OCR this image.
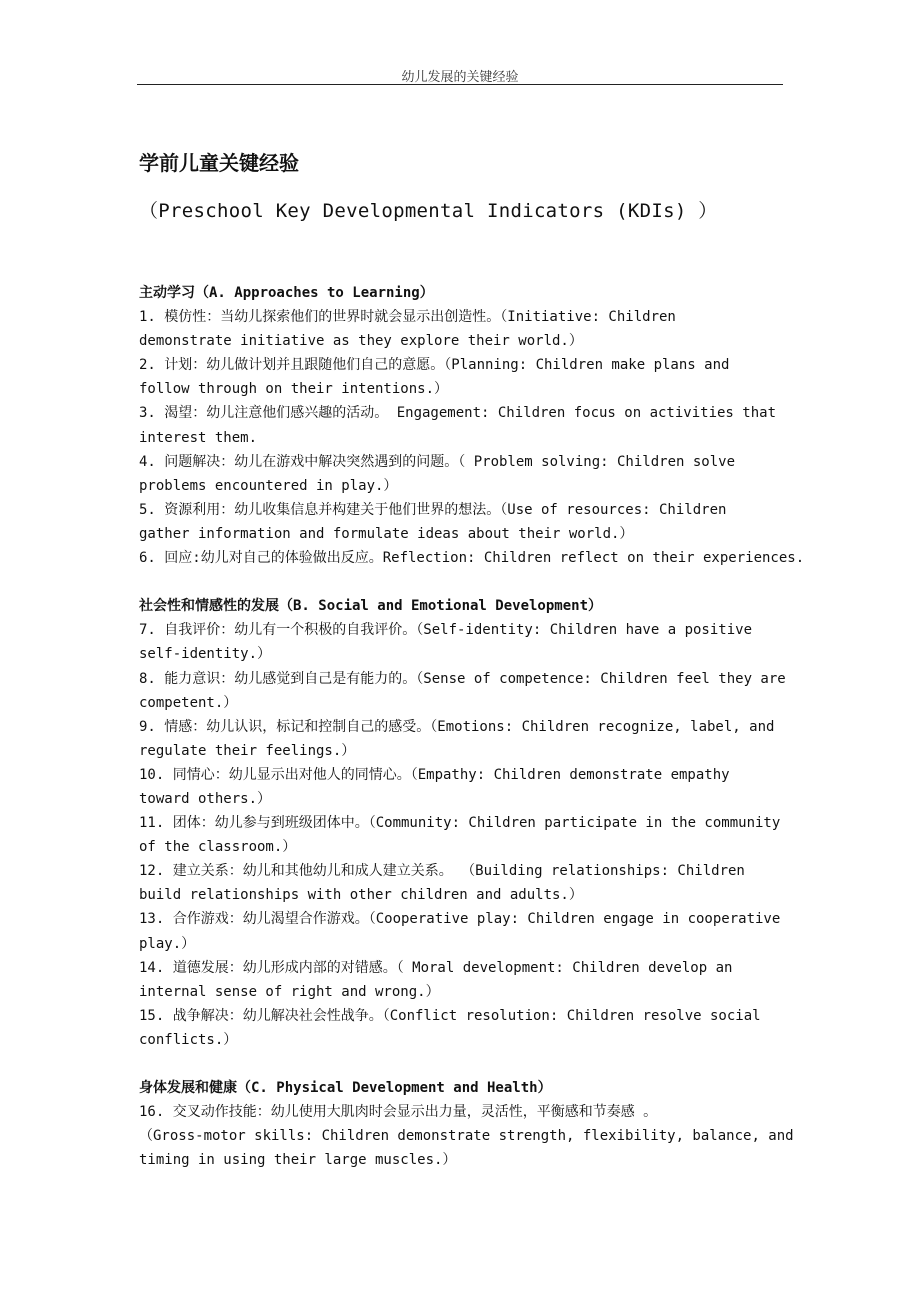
幼儿发展的关键经验
学前儿童关键经验
（Preschool Key Developmental Indicators (KDIs) ）
主动学习（A. Approaches to Learning）
1. 模仿性：当幼儿探索他们的世界时就会显示出创造性。（Initiative: Children
demonstrate initiative as they explore their world.）
2. 计划：幼儿做计划并且跟随他们自己的意愿。（Planning: Children make plans and
follow through on their intentions.）
3. 渴望：幼儿注意他们感兴趣的活动。 Engagement: Children focus on activities that
interest them.
4. 问题解决：幼儿在游戏中解决突然遇到的问题。（ Problem solving: Children solve
problems encountered in play.）
5. 资源利用：幼儿收集信息并构建关于他们世界的想法。（Use of resources: Children
gather information and formulate ideas about their world.）
6. 回应:幼儿对自己的体验做出反应。Reflection: Children reflect on their experiences.
社会性和情感性的发展（B. Social and Emotional Development）
7. 自我评价：幼儿有一个积极的自我评价。（Self-identity: Children have a positive
self-identity.）
8. 能力意识：幼儿感觉到自己是有能力的。（Sense of competence: Children feel they are
competent.）
9. 情感：幼儿认识，标记和控制自己的感受。（Emotions: Children recognize, label, and
regulate their feelings.）
10. 同情心：幼儿显示出对他人的同情心。（Empathy: Children demonstrate empathy
toward others.）
11. 团体：幼儿参与到班级团体中。（Community: Children participate in the community
of the classroom.）
12. 建立关系：幼儿和其他幼儿和成人建立关系。 （Building relationships: Children
build relationships with other children and adults.）
13. 合作游戏：幼儿渴望合作游戏。（Cooperative play: Children engage in cooperative
play.）
14. 道德发展：幼儿形成内部的对错感。（ Moral development: Children develop an
internal sense of right and wrong.）
15. 战争解决：幼儿解决社会性战争。（Conflict resolution: Children resolve social
conflicts.）
身体发展和健康（C. Physical Development and Health）
16. 交叉动作技能：幼儿使用大肌肉时会显示出力量，灵活性，平衡感和节奏感 。
（Gross-motor skills: Children demonstrate strength, flexibility, balance, and
timing in using their large muscles.）
